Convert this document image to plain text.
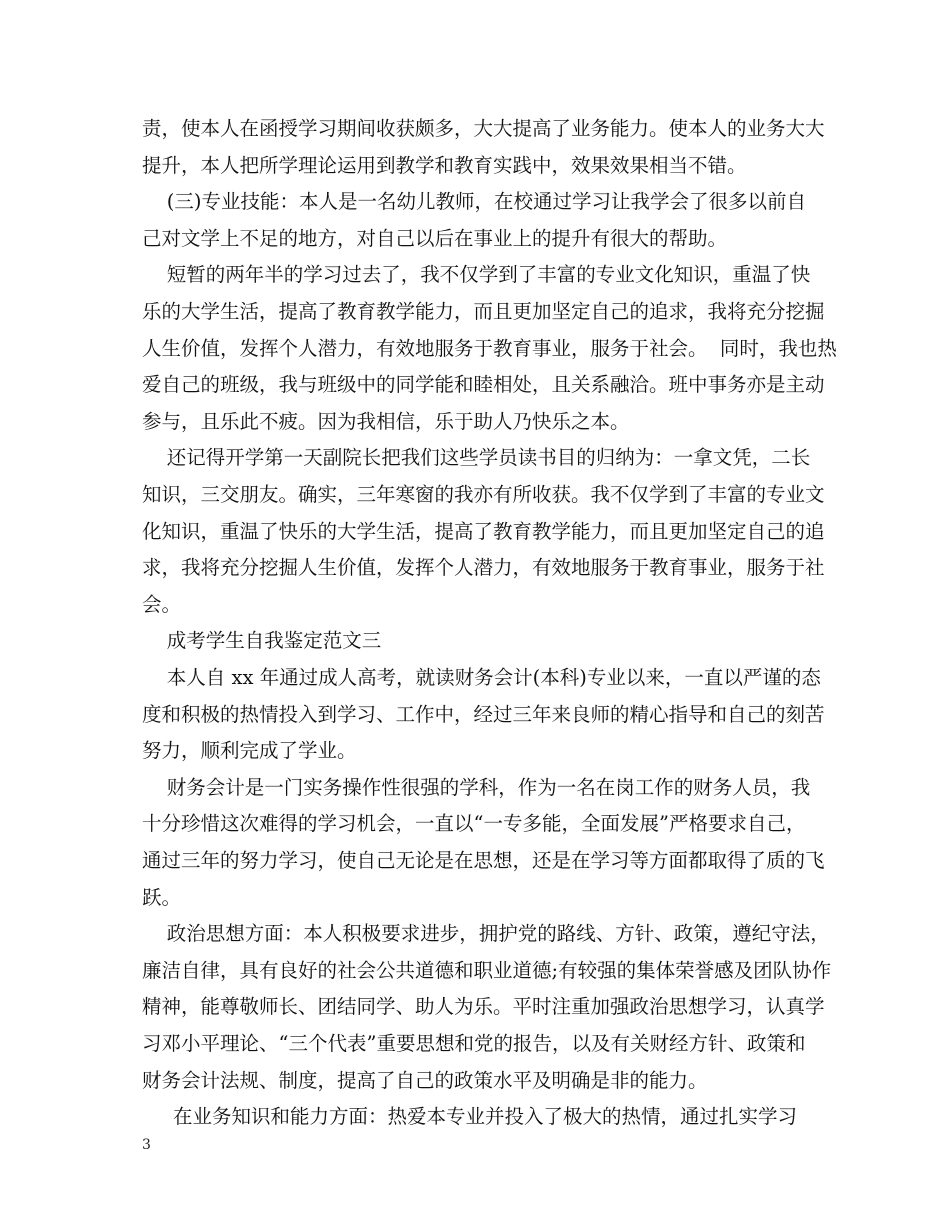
责，使本人在函授学习期间收获颇多，大大提高了业务能力。使本人的业务大大
提升，本人把所学理论运用到教学和教育实践中，效果效果相当不错。
(三)专业技能：本人是一名幼儿教师，在校通过学习让我学会了很多以前自
己对文学上不足的地方，对自己以后在事业上的提升有很大的帮助。
短暂的两年半的学习过去了，我不仅学到了丰富的专业文化知识，重温了快
乐的大学生活，提高了教育教学能力，而且更加坚定自己的追求，我将充分挖掘
人生价值，发挥个人潜力，有效地服务于教育事业，服务于社会。  同时，我也热
爱自己的班级，我与班级中的同学能和睦相处，且关系融洽。班中事务亦是主动
参与，且乐此不疲。因为我相信，乐于助人乃快乐之本。
还记得开学第一天副院长把我们这些学员读书目的归纳为：一拿文凭，二长
知识，三交朋友。确实，三年寒窗的我亦有所收获。我不仅学到了丰富的专业文
化知识，重温了快乐的大学生活，提高了教育教学能力，而且更加坚定自己的追
求，我将充分挖掘人生价值，发挥个人潜力，有效地服务于教育事业，服务于社
会。
成考学生自我鉴定范文三
本人自 xx 年通过成人高考，就读财务会计(本科)专业以来，一直以严谨的态
度和积极的热情投入到学习、工作中，经过三年来良师的精心指导和自己的刻苦
努力，顺利完成了学业。
财务会计是一门实务操作性很强的学科，作为一名在岗工作的财务人员，我
十分珍惜这次难得的学习机会，一直以“一专多能，全面发展”严格要求自己，
通过三年的努力学习，使自己无论是在思想，还是在学习等方面都取得了质的飞
跃。
政治思想方面：本人积极要求进步，拥护党的路线、方针、政策，遵纪守法，
廉洁自律，具有良好的社会公共道德和职业道德;有较强的集体荣誉感及团队协作
精神，能尊敬师长、团结同学、助人为乐。平时注重加强政治思想学习，认真学
习邓小平理论、“三个代表”重要思想和党的报告，以及有关财经方针、政策和
财务会计法规、制度，提高了自己的政策水平及明确是非的能力。
在业务知识和能力方面：热爱本专业并投入了极大的热情，通过扎实学习
3
